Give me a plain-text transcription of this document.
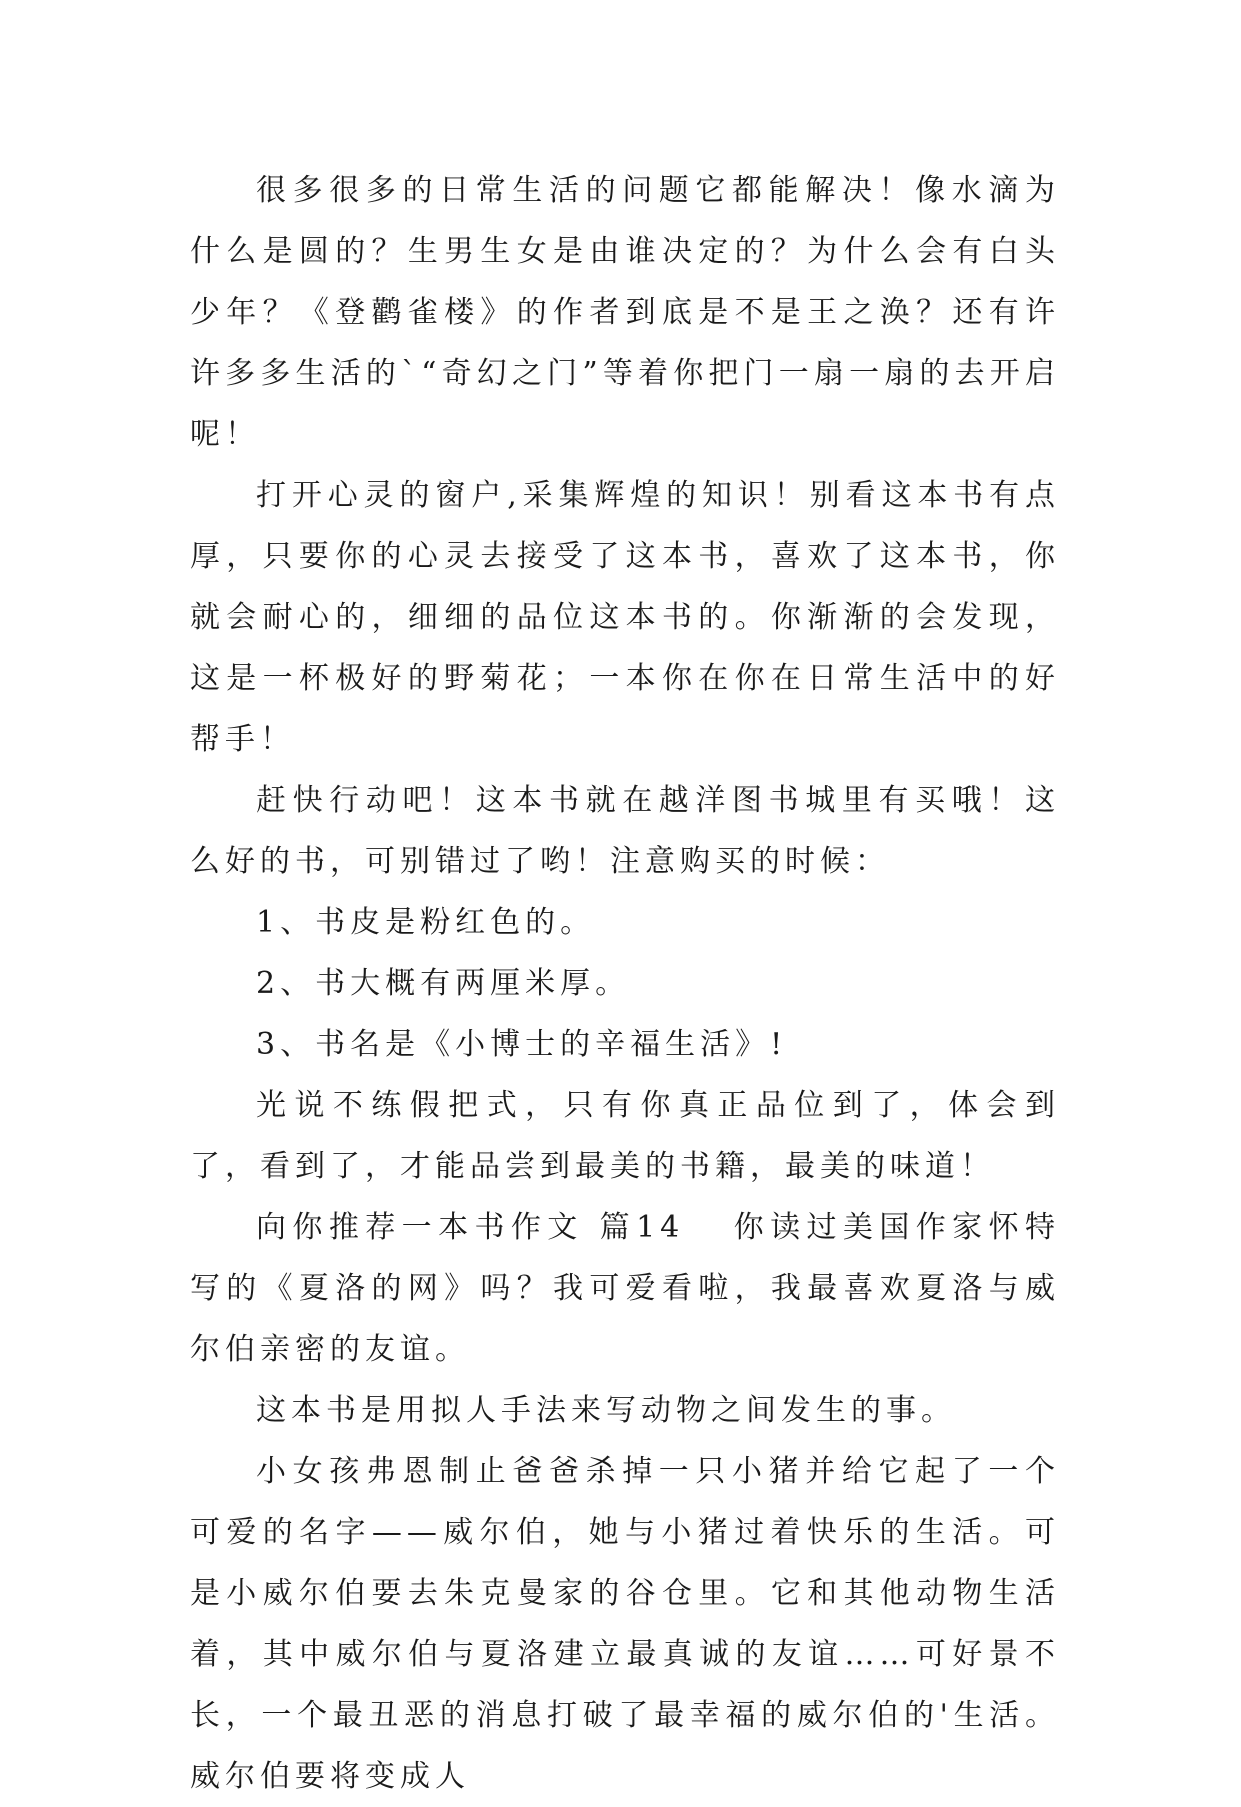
很多很多的日常生活的问题它都能解决！像水滴为什么是圆的？生男生女是由谁决定的？为什么会有白头少年？《登鹳雀楼》的作者到底是不是王之涣？还有许许多多生活的`“奇幻之门”等着你把门一扇一扇的去开启呢！

打开心灵的窗户,采集辉煌的知识！别看这本书有点厚，只要你的心灵去接受了这本书，喜欢了这本书，你就会耐心的，细细的品位这本书的。你渐渐的会发现，这是一杯极好的野菊花；一本你在你在日常生活中的好帮手！

赶快行动吧！这本书就在越洋图书城里有买哦！这么好的书，可别错过了哟！注意购买的时候：

1、书皮是粉红色的。

2、书大概有两厘米厚。

3、书名是《小博士的辛福生活》!

光说不练假把式，只有你真正品位到了，体会到了，看到了，才能品尝到最美的书籍，最美的味道！

向你推荐一本书作文 篇14 你读过美国作家怀特写的《夏洛的网》吗？我可爱看啦，我最喜欢夏洛与威尔伯亲密的友谊。

这本书是用拟人手法来写动物之间发生的事。

小女孩弗恩制止爸爸杀掉一只小猪并给它起了一个可爱的名字——威尔伯，她与小猪过着快乐的生活。可是小威尔伯要去朱克曼家的谷仓里。它和其他动物生活着，其中威尔伯与夏洛建立最真诚的友谊……可好景不长，一个最丑恶的消息打破了最幸福的威尔伯的'生活。威尔伯要将变成人
